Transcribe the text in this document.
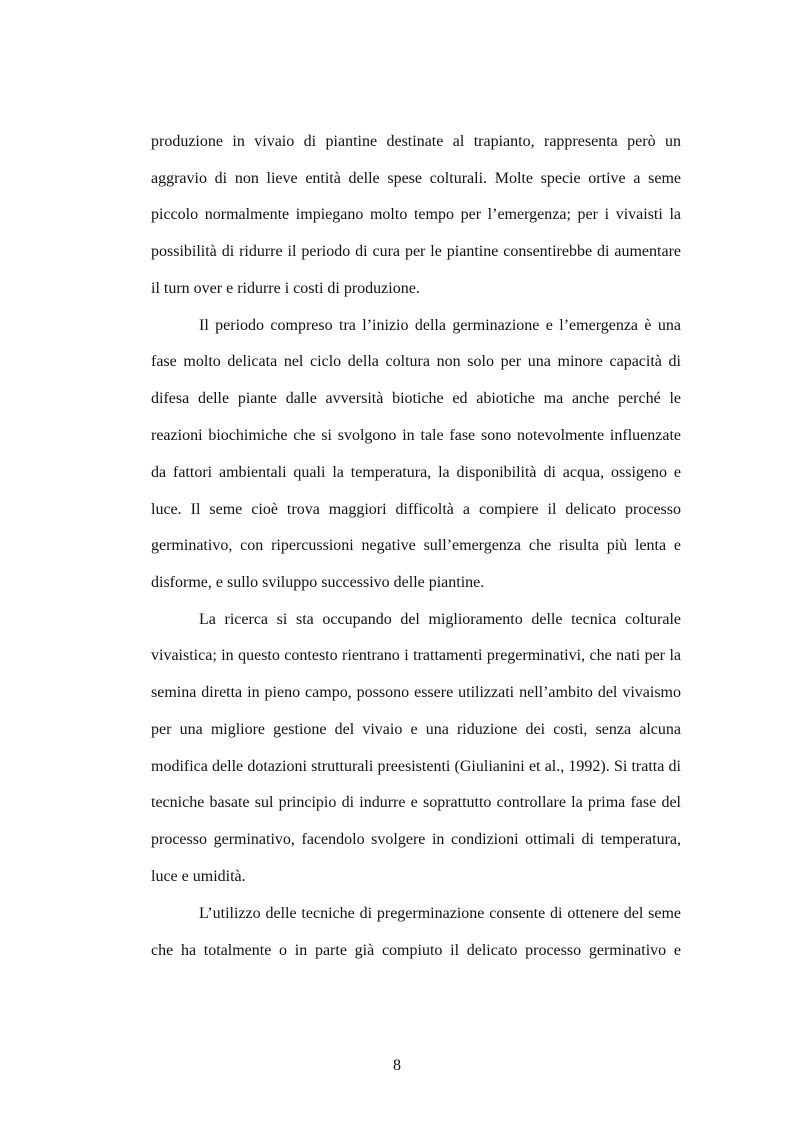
produzione in vivaio di piantine destinate al trapianto, rappresenta però un
aggravio di non lieve entità delle spese colturali. Molte specie ortive a seme
piccolo normalmente impiegano molto tempo per l’emergenza; per i vivaisti la
possibilità di ridurre il periodo di cura per le piantine consentirebbe di aumentare
il turn over e ridurre i costi di produzione.
Il periodo compreso tra l’inizio della germinazione e l’emergenza è una
fase molto delicata nel ciclo della coltura non solo per una minore capacità di
difesa delle piante dalle avversità biotiche ed abiotiche ma anche perché le
reazioni biochimiche che si svolgono in tale fase sono notevolmente influenzate
da fattori ambientali quali la temperatura, la disponibilità di acqua, ossigeno e
luce. Il seme cioè trova maggiori difficoltà a compiere il delicato processo
germinativo, con ripercussioni negative sull’emergenza che risulta più lenta e
disforme, e sullo sviluppo successivo delle piantine.
La ricerca si sta occupando del miglioramento delle tecnica colturale
vivaistica; in questo contesto rientrano i trattamenti pregerminativi, che nati per la
semina diretta in pieno campo, possono essere utilizzati nell’ambito del vivaismo
per una migliore gestione del vivaio e una riduzione dei costi, senza alcuna
modifica delle dotazioni strutturali preesistenti (Giulianini et al., 1992). Si tratta di
tecniche basate sul principio di indurre e soprattutto controllare la prima fase del
processo germinativo, facendolo svolgere in condizioni ottimali di temperatura,
luce e umidità.
L’utilizzo delle tecniche di pregerminazione consente di ottenere del seme
che ha totalmente o in parte già compiuto il delicato processo germinativo e
8
